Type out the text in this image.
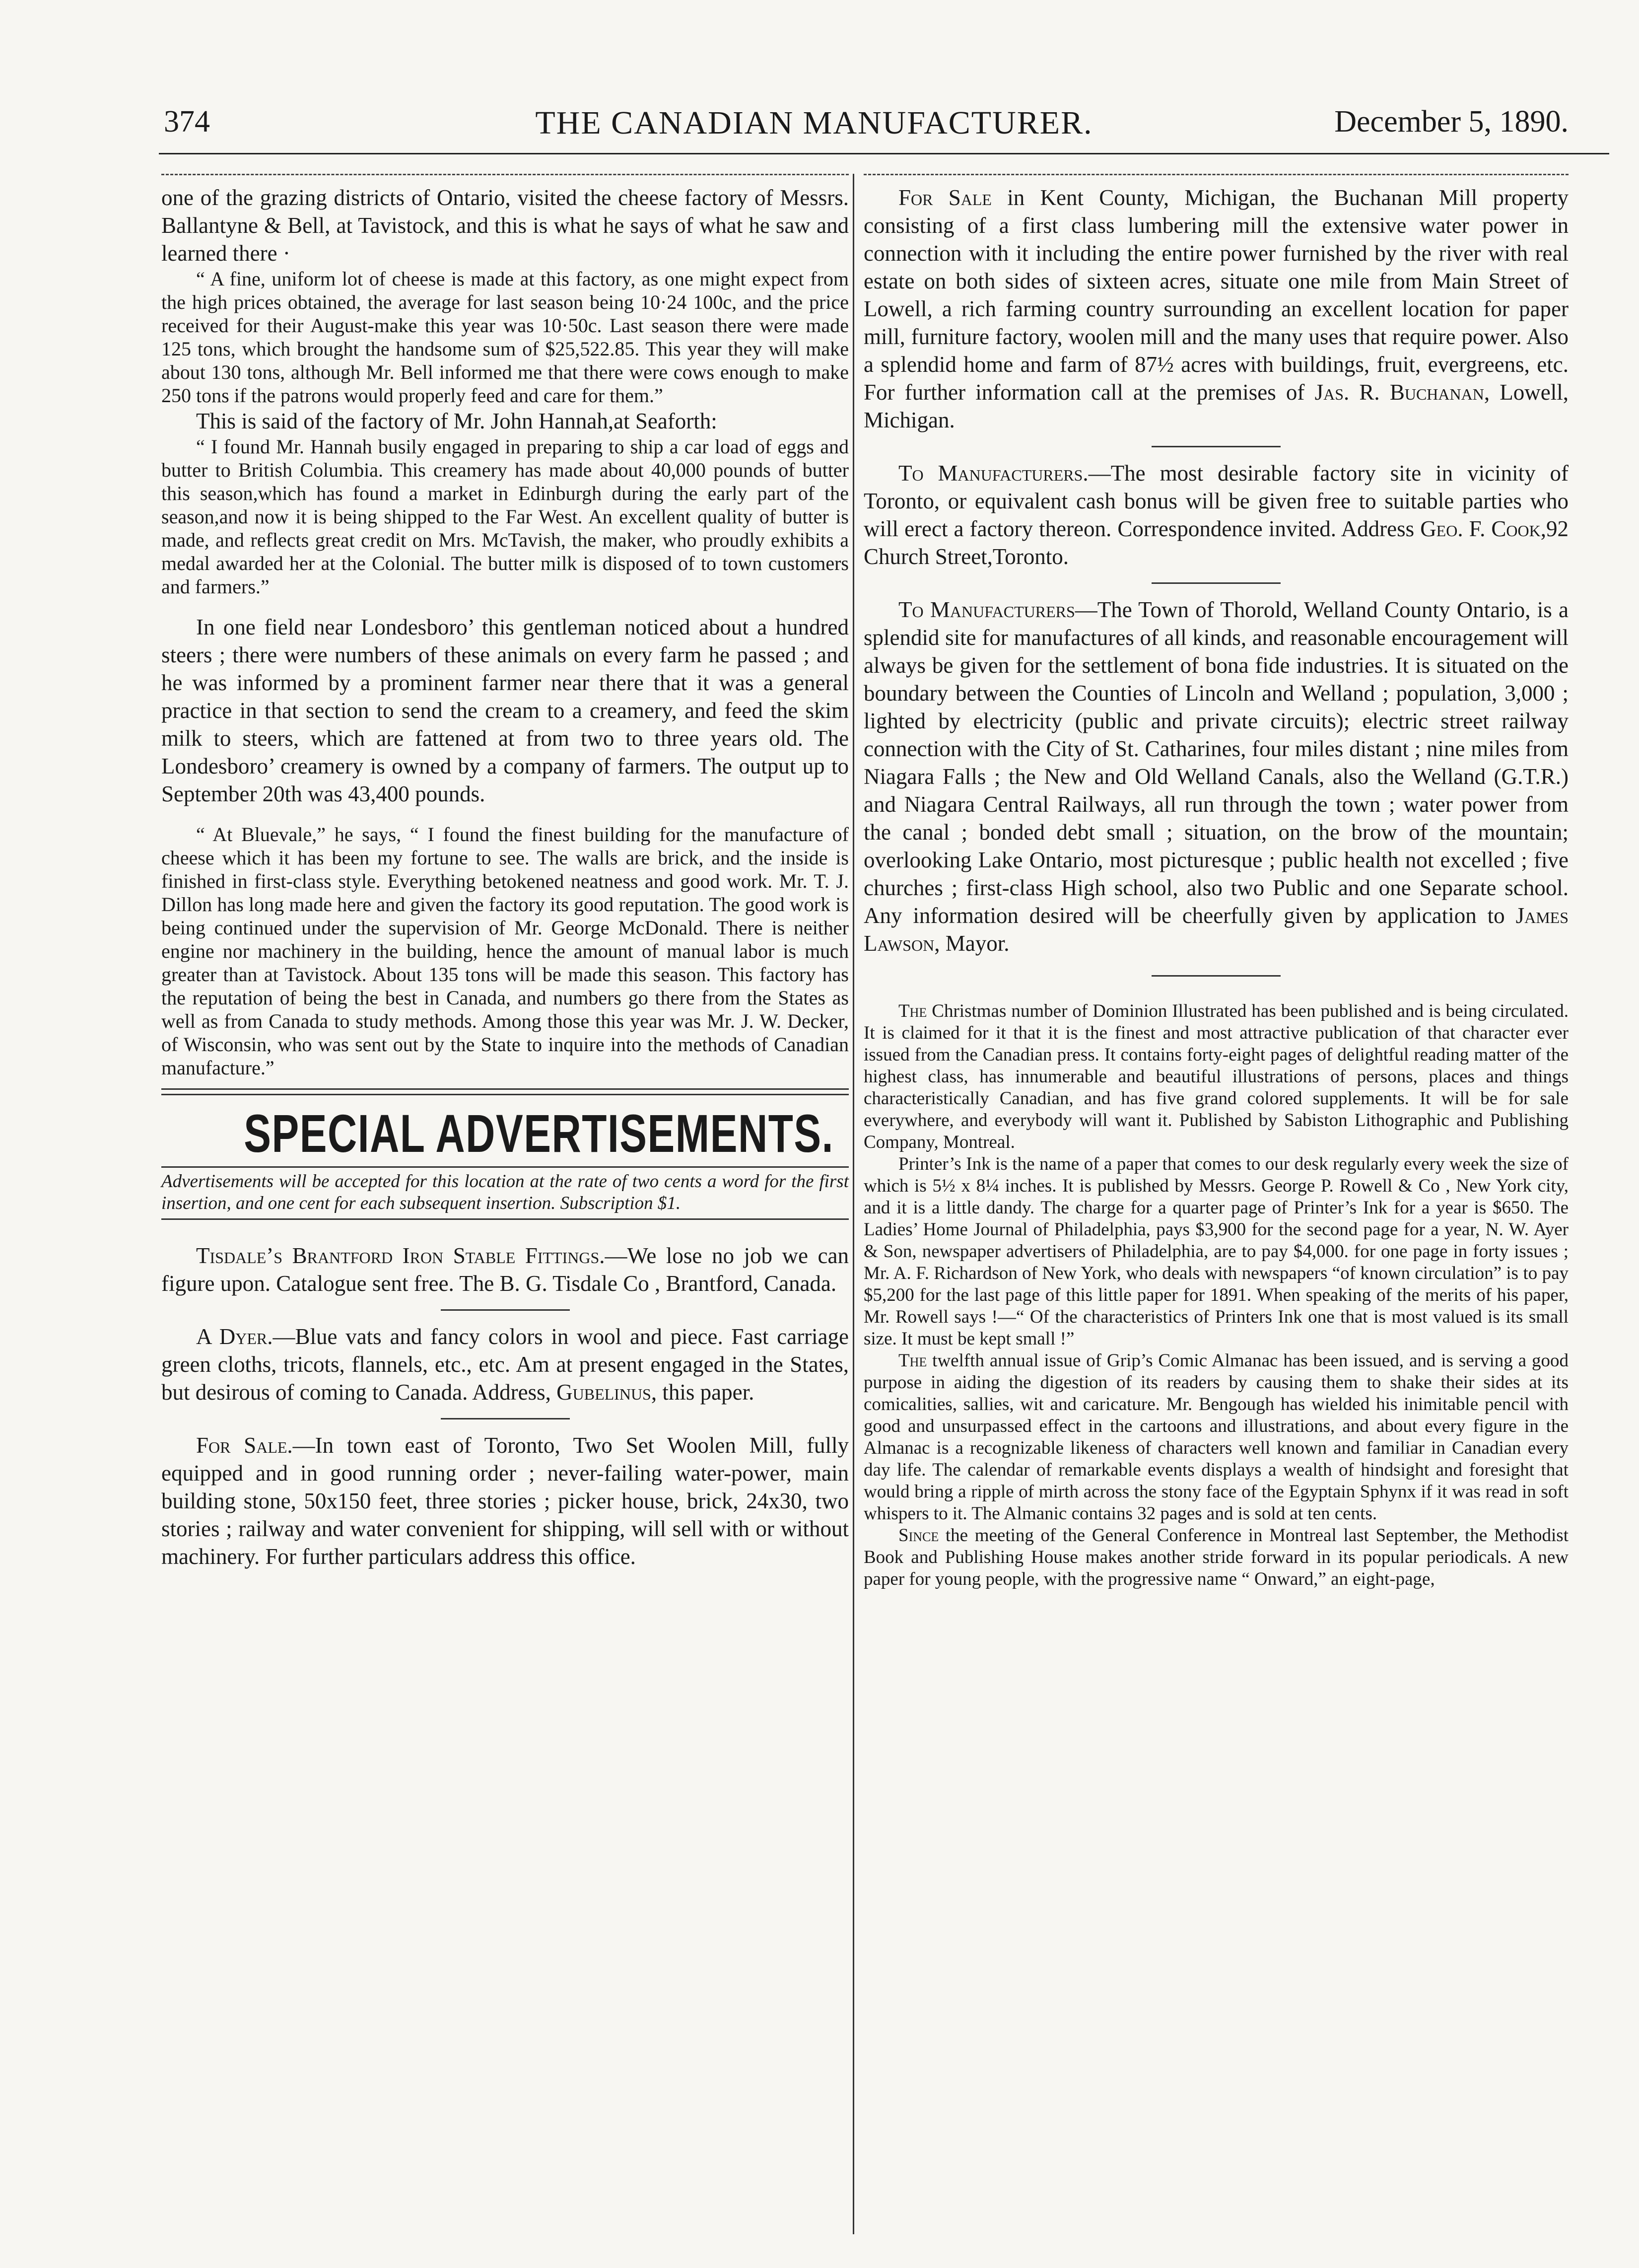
374	THE CANADIAN MANUFACTURER.	December 5, 1890.

one of the grazing districts of Ontario, visited the cheese factory of Messrs. Ballantyne & Bell, at Tavistock, and this is what he says of what he saw and learned there ·

“ A fine, uniform lot of cheese is made at this factory, as one might expect from the high prices obtained, the average for last season being 10·24 100c, and the price received for their August-make this year was 10·50c. Last season there were made 125 tons, which brought the handsome sum of $25,522.85. This year they will make about 130 tons, although Mr. Bell informed me that there were cows enough to make 250 tons if the patrons would properly feed and care for them.”

This is said of the factory of Mr. John Hannah,at Seaforth:

“ I found Mr. Hannah busily engaged in preparing to ship a car load of eggs and butter to British Columbia. This creamery has made about 40,000 pounds of butter this season,which has found a market in Edinburgh during the early part of the season,and now it is being shipped to the Far West. An excellent quality of butter is made, and reflects great credit on Mrs. McTavish, the maker, who proudly exhibits a medal awarded her at the Colonial. The butter milk is disposed of to town customers and farmers.”

In one field near Londesboro’ this gentleman noticed about a hundred steers ; there were numbers of these animals on every farm he passed ; and he was informed by a prominent farmer near there that it was a general practice in that section to send the cream to a creamery, and feed the skim milk to steers, which are fattened at from two to three years old. The Londesboro’ creamery is owned by a company of farmers. The output up to September 20th was 43,400 pounds.

“ At Bluevale,” he says, “ I found the finest building for the manufacture of cheese which it has been my fortune to see. The walls are brick, and the inside is finished in first-class style. Everything betokened neatness and good work. Mr. T. J. Dillon has long made here and given the factory its good reputation. The good work is being continued under the supervision of Mr. George McDonald. There is neither engine nor machinery in the building, hence the amount of manual labor is much greater than at Tavistock. About 135 tons will be made this season. This factory has the reputation of being the best in Canada, and numbers go there from the States as well as from Canada to study methods. Among those this year was Mr. J. W. Decker, of Wisconsin, who was sent out by the State to inquire into the methods of Canadian manufacture.”

SPECIAL ADVERTISEMENTS.

Advertisements will be accepted for this location at the rate of two cents a word for the first insertion, and one cent for each subsequent insertion. Subscription $1.

Tisdale’s Brantford Iron Stable Fittings.—We lose no job we can figure upon. Catalogue sent free. The B. G. Tisdale Co , Brantford, Canada.

A Dyer.—Blue vats and fancy colors in wool and piece. Fast carriage green cloths, tricots, flannels, etc., etc. Am at present engaged in the States, but desirous of coming to Canada. Address, Gubelinus, this paper.

For Sale.—In town east of Toronto, Two Set Woolen Mill, fully equipped and in good running order ; never-failing water-power, main building stone, 50x150 feet, three stories ; picker house, brick, 24x30, two stories ; railway and water convenient for shipping, will sell with or without machinery. For further particulars address this office.

For Sale in Kent County, Michigan, the Buchanan Mill property consisting of a first class lumbering mill the extensive water power in connection with it including the entire power furnished by the river with real estate on both sides of sixteen acres, situate one mile from Main Street of Lowell, a rich farming country surrounding an excellent location for paper mill, furniture factory, woolen mill and the many uses that require power. Also a splendid home and farm of 87½ acres with buildings, fruit, evergreens, etc. For further information call at the premises of Jas. R. Buchanan, Lowell, Michigan.

To Manufacturers.—The most desirable factory site in vicinity of Toronto, or equivalent cash bonus will be given free to suitable parties who will erect a factory thereon. Correspondence invited. Address Geo. F. Cook,92 Church Street,Toronto.

To Manufacturers—The Town of Thorold, Welland County Ontario, is a splendid site for manufactures of all kinds, and reasonable encouragement will always be given for the settlement of bona fide industries. It is situated on the boundary between the Counties of Lincoln and Welland ; population, 3,000 ; lighted by electricity (public and private circuits); electric street railway connection with the City of St. Catharines, four miles distant ; nine miles from Niagara Falls ; the New and Old Welland Canals, also the Welland (G.T.R.) and Niagara Central Railways, all run through the town ; water power from the canal ; bonded debt small ; situation, on the brow of the mountain; overlooking Lake Ontario, most picturesque ; public health not excelled ; five churches ; first-class High school, also two Public and one Separate school. Any information desired will be cheerfully given by application to James Lawson, Mayor.

The Christmas number of Dominion Illustrated has been published and is being circulated. It is claimed for it that it is the finest and most attractive publication of that character ever issued from the Canadian press. It contains forty-eight pages of delightful reading matter of the highest class, has innumerable and beautiful illustrations of persons, places and things characteristically Canadian, and has five grand colored supplements. It will be for sale everywhere, and everybody will want it. Published by Sabiston Lithographic and Publishing Company, Montreal.

Printer’s Ink is the name of a paper that comes to our desk regularly every week the size of which is 5½ x 8¼ inches. It is published by Messrs. George P. Rowell & Co , New York city, and it is a little dandy. The charge for a quarter page of Printer’s Ink for a year is $650. The Ladies’ Home Journal of Philadelphia, pays $3,900 for the second page for a year, N. W. Ayer & Son, newspaper advertisers of Philadelphia, are to pay $4,000. for one page in forty issues ; Mr. A. F. Richardson of New York, who deals with newspapers “of known circulation” is to pay $5,200 for the last page of this little paper for 1891. When speaking of the merits of his paper, Mr. Rowell says !—“ Of the characteristics of Printers Ink one that is most valued is its small size. It must be kept small !”

The twelfth annual issue of Grip’s Comic Almanac has been issued, and is serving a good purpose in aiding the digestion of its readers by causing them to shake their sides at its comicalities, sallies, wit and caricature. Mr. Bengough has wielded his inimitable pencil with good and unsurpassed effect in the cartoons and illustrations, and about every figure in the Almanac is a recognizable likeness of characters well known and familiar in Canadian every day life. The calendar of remarkable events displays a wealth of hindsight and foresight that would bring a ripple of mirth across the stony face of the Egyptain Sphynx if it was read in soft whispers to it. The Almanic contains 32 pages and is sold at ten cents.

Since the meeting of the General Conference in Montreal last September, the Methodist Book and Publishing House makes another stride forward in its popular periodicals. A new paper for young people, with the progressive name “ Onward,” an eight-page,
